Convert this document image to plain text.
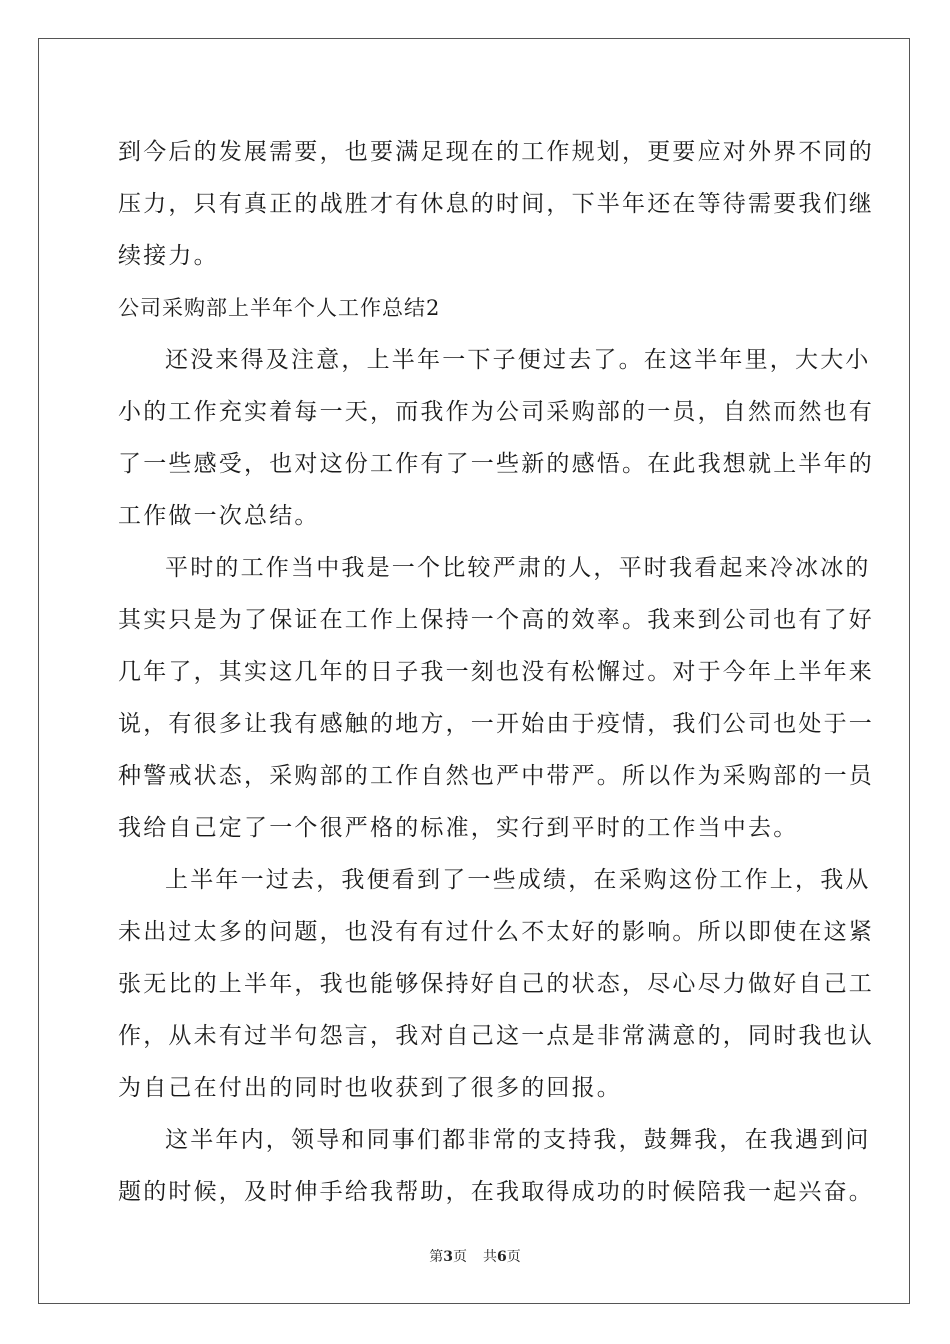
到今后的发展需要，也要满足现在的工作规划，更要应对外界不同的
压力，只有真正的战胜才有休息的时间，下半年还在等待需要我们继
续接力。
公司采购部上半年个人工作总结2
还没来得及注意，上半年一下子便过去了。在这半年里，大大小
小的工作充实着每一天，而我作为公司采购部的一员，自然而然也有
了一些感受，也对这份工作有了一些新的感悟。在此我想就上半年的
工作做一次总结。
平时的工作当中我是一个比较严肃的人，平时我看起来冷冰冰的
其实只是为了保证在工作上保持一个高的效率。我来到公司也有了好
几年了，其实这几年的日子我一刻也没有松懈过。对于今年上半年来
说，有很多让我有感触的地方，一开始由于疫情，我们公司也处于一
种警戒状态，采购部的工作自然也严中带严。所以作为采购部的一员
我给自己定了一个很严格的标准，实行到平时的工作当中去。
上半年一过去，我便看到了一些成绩，在采购这份工作上，我从
未出过太多的问题，也没有有过什么不太好的影响。所以即使在这紧
张无比的上半年，我也能够保持好自己的状态，尽心尽力做好自己工
作，从未有过半句怨言，我对自己这一点是非常满意的，同时我也认
为自己在付出的同时也收获到了很多的回报。
这半年内，领导和同事们都非常的支持我，鼓舞我，在我遇到问
题的时候，及时伸手给我帮助，在我取得成功的时候陪我一起兴奋。
第3页 共6页
